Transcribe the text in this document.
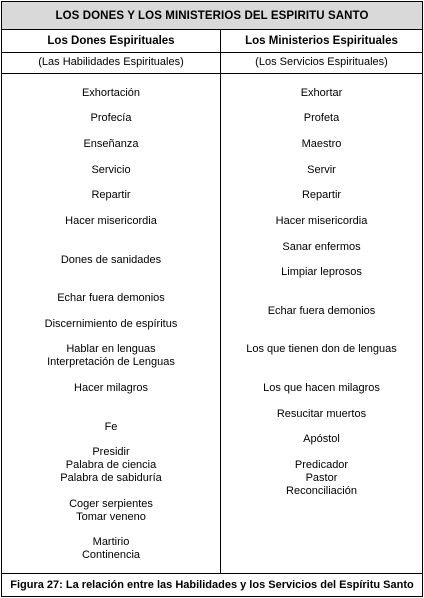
LOS DONES Y LOS MINISTERIOS DEL ESPIRITU SANTO
Los Dones Espirituales
(Las Habilidades Espirituales)
Exhortación
Profecía
Enseñanza
Servicio
Repartir
Hacer misericordia
Dones de sanidades
Echar fuera demonios
Discernimiento de espíritus
Hablar en lenguas
Interpretación de Lenguas
Hacer milagros
Fe
Presidir
Palabra de ciencia
Palabra de sabiduría
Coger serpientes
Tomar veneno
Martirio
Continencia
Los Ministerios Espirituales
(Los Servicios Espirituales)
Exhortar
Profeta
Maestro
Servir
Repartir
Hacer misericordia
Sanar enfermos
Limpiar leprosos
Echar fuera demonios
Los que tienen don de lenguas
Los que hacen milagros
Resucitar muertos
Apóstol
Predicador
Pastor
Reconciliación
Figura 27: La relación entre las Habilidades y los Servicios del Espíritu Santo
